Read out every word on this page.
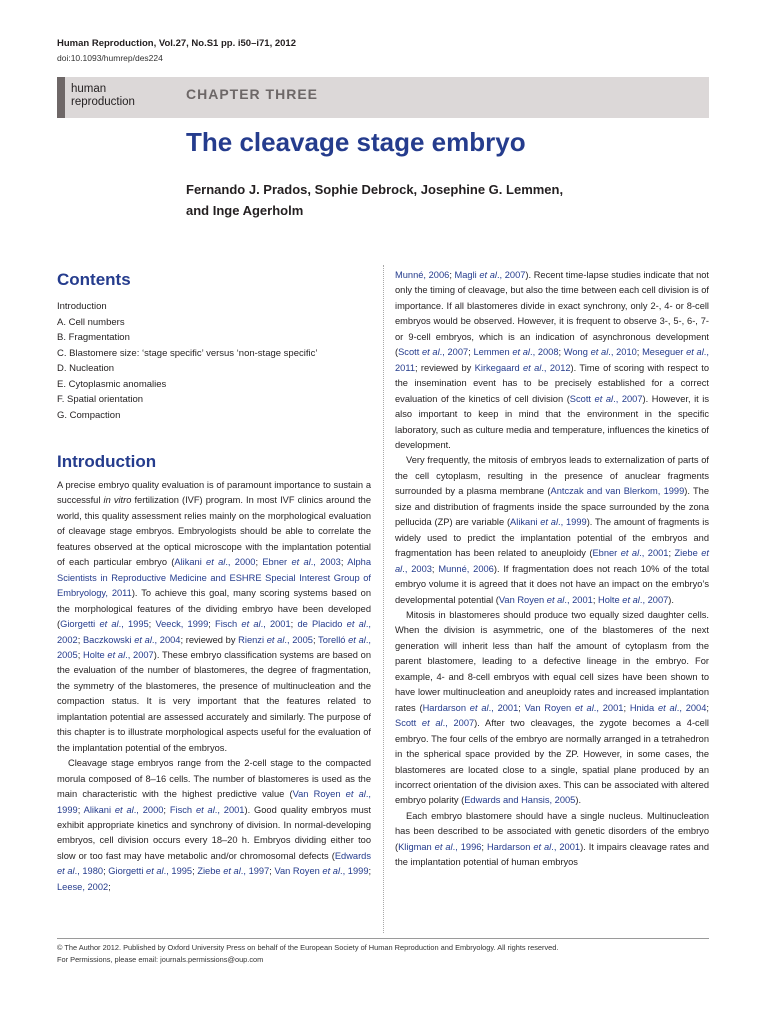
Human Reproduction, Vol.27, No.S1 pp. i50–i71, 2012
doi:10.1093/humrep/des224
human
reproduction	CHAPTER THREE
The cleavage stage embryo
Fernando J. Prados, Sophie Debrock, Josephine G. Lemmen,
and Inge Agerholm
Contents
Introduction
A. Cell numbers
B. Fragmentation
C. Blastomere size: ‘stage specific’ versus ‘non-stage specific’
D. Nucleation
E. Cytoplasmic anomalies
F. Spatial orientation
G. Compaction
Introduction

A precise embryo quality evaluation is of paramount importance to sustain a successful in vitro fertilization (IVF) program. In most IVF clinics around the world, this quality assessment relies mainly on the morphological evaluation of cleavage stage embryos. Embryologists should be able to correlate the features observed at the optical microscope with the implantation potential of each particular embryo (Alikani et al., 2000; Ebner et al., 2003; Alpha Scientists in Reproductive Medicine and ESHRE Special Interest Group of Embryology, 2011). To achieve this goal, many scoring systems based on the morphological features of the dividing embryo have been developed (Giorgetti et al., 1995; Veeck, 1999; Fisch et al., 2001; de Placido et al., 2002; Baczkowski et al., 2004; reviewed by Rienzi et al., 2005; Torelló et al., 2005; Holte et al., 2007). These embryo classification systems are based on the evaluation of the number of blastomeres, the degree of fragmentation, the symmetry of the blastomeres, the presence of multinucleation and the compaction status. It is very important that the features related to implantation potential are assessed accurately and similarly. The purpose of this chapter is to illustrate morphological aspects useful for the evaluation of the implantation potential of the embryos.

Cleavage stage embryos range from the 2-cell stage to the compacted morula composed of 8–16 cells. The number of blastomeres is used as the main characteristic with the highest predictive value (Van Royen et al., 1999; Alikani et al., 2000; Fisch et al., 2001). Good quality embryos must exhibit appropriate kinetics and synchrony of division. In normal-developing embryos, cell division occurs every 18–20 h. Embryos dividing either too slow or too fast may have metabolic and/or chromosomal defects (Edwards et al., 1980; Giorgetti et al., 1995; Ziebe et al., 1997; Van Royen et al., 1999; Leese, 2002;

Munné, 2006; Magli et al., 2007). Recent time-lapse studies indicate that not only the timing of cleavage, but also the time between each cell division is of importance. If all blastomeres divide in exact synchrony, only 2-, 4- or 8-cell embryos would be observed. However, it is frequent to observe 3-, 5-, 6-, 7- or 9-cell embryos, which is an indication of asynchronous development (Scott et al., 2007; Lemmen et al., 2008; Wong et al., 2010; Meseguer et al., 2011; reviewed by Kirkegaard et al., 2012). Time of scoring with respect to the insemination event has to be precisely established for a correct evaluation of the kinetics of cell division (Scott et al., 2007). However, it is also important to keep in mind that the environment in the specific laboratory, such as culture media and temperature, influences the kinetics of development.

Very frequently, the mitosis of embryos leads to externalization of parts of the cell cytoplasm, resulting in the presence of anuclear fragments surrounded by a plasma membrane (Antczak and van Blerkom, 1999). The size and distribution of fragments inside the space surrounded by the zona pellucida (ZP) are variable (Alikani et al., 1999). The amount of fragments is widely used to predict the implantation potential of the embryos and fragmentation has been related to aneuploidy (Ebner et al., 2001; Ziebe et al., 2003; Munné, 2006). If fragmentation does not reach 10% of the total embryo volume it is agreed that it does not have an impact on the embryo’s developmental potential (Van Royen et al., 2001; Holte et al., 2007).

Mitosis in blastomeres should produce two equally sized daughter cells. When the division is asymmetric, one of the blastomeres of the next generation will inherit less than half the amount of cytoplasm from the parent blastomere, leading to a defective lineage in the embryo. For example, 4- and 8-cell embryos with equal cell sizes have been shown to have lower multinucleation and aneuploidy rates and increased implantation rates (Hardarson et al., 2001; Van Royen et al., 2001; Hnida et al., 2004; Scott et al., 2007). After two cleavages, the zygote becomes a 4-cell embryo. The four cells of the embryo are normally arranged in a tetrahedron in the spherical space provided by the ZP. However, in some cases, the blastomeres are located close to a single, spatial plane produced by an incorrect orientation of the division axes. This can be associated with altered embryo polarity (Edwards and Hansis, 2005).

Each embryo blastomere should have a single nucleus. Multinucleation has been described to be associated with genetic disorders of the embryo (Kligman et al., 1996; Hardarson et al., 2001). It impairs cleavage rates and the implantation potential of human embryos

© The Author 2012. Published by Oxford University Press on behalf of the European Society of Human Reproduction and Embryology. All rights reserved.
For Permissions, please email: journals.permissions@oup.com
